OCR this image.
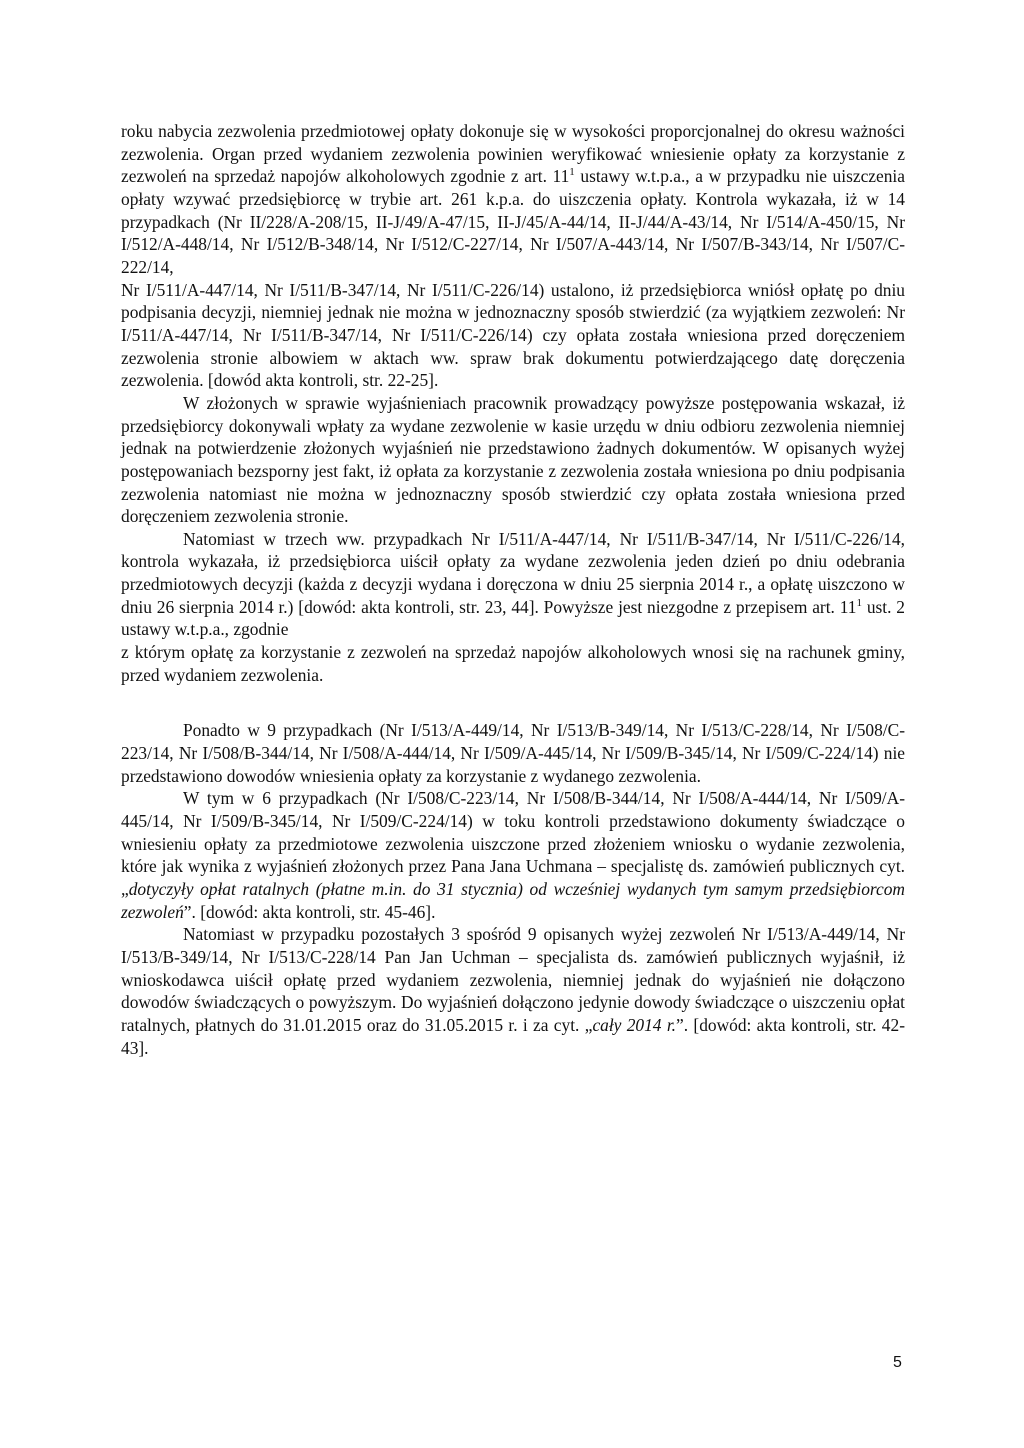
roku nabycia zezwolenia przedmiotowej opłaty dokonuje się w wysokości proporcjonalnej do okresu ważności zezwolenia. Organ przed wydaniem zezwolenia powinien weryfikować wniesienie opłaty za korzystanie z zezwoleń na sprzedaż napojów alkoholowych zgodnie z art. $11^1$ ustawy w.t.p.a., a w przypadku nie uiszczenia opłaty wzywać przedsiębiorcę w trybie art. 261 k.p.a. do uiszczenia opłaty. Kontrola wykazała, iż w 14 przypadkach (Nr II/228/A-208/15, II-J/49/A-47/15, II-J/45/A-44/14, II-J/44/A-43/14, Nr I/514/A-450/15, Nr I/512/A-448/14, Nr I/512/B-348/14, Nr I/512/C-227/14, Nr I/507/A-443/14, Nr I/507/B-343/14, Nr I/507/C-222/14,

Nr I/511/A-447/14, Nr I/511/B-347/14, Nr I/511/C-226/14) ustalono, iż przedsiębiorca wniósł opłatę po dniu podpisania decyzji, niemniej jednak nie można w jednoznaczny sposób stwierdzić (za wyjątkiem zezwoleń: Nr I/511/A-447/14, Nr I/511/B-347/14, Nr I/511/C-226/14) czy opłata została wniesiona przed doręczeniem zezwolenia stronie albowiem w aktach ww. spraw brak dokumentu potwierdzającego datę doręczenia zezwolenia. [dowód akta kontroli, str. 22-25].

W złożonych w sprawie wyjaśnieniach pracownik prowadzący powyższe postępowania wskazał, iż przedsiębiorcy dokonywali wpłaty za wydane zezwolenie w kasie urzędu w dniu odbioru zezwolenia niemniej jednak na potwierdzenie złożonych wyjaśnień nie przedstawiono żadnych dokumentów. W opisanych wyżej postępowaniach bezsporny jest fakt, iż opłata za korzystanie z zezwolenia została wniesiona po dniu podpisania zezwolenia natomiast nie można w jednoznaczny sposób stwierdzić czy opłata została wniesiona przed doręczeniem zezwolenia stronie.

Natomiast w trzech ww. przypadkach Nr I/511/A-447/14, Nr I/511/B-347/14, Nr I/511/C-226/14, kontrola wykazała, iż przedsiębiorca uiścił opłaty za wydane zezwolenia jeden dzień po dniu odebrania przedmiotowych decyzji (każda z decyzji wydana i doręczona w dniu 25 sierpnia 2014 r., a opłatę uiszczono w dniu 26 sierpnia 2014 r.) [dowód: akta kontroli, str. 23, 44]. Powyższe jest niezgodne z przepisem art. $11^1$ ust. 2 ustawy w.t.p.a., zgodnie

z którym opłatę za korzystanie z zezwoleń na sprzedaż napojów alkoholowych wnosi się na rachunek gminy, przed wydaniem zezwolenia.

Ponadto w 9 przypadkach (Nr I/513/A-449/14, Nr I/513/B-349/14, Nr I/513/C-228/14, Nr I/508/C-223/14, Nr I/508/B-344/14, Nr I/508/A-444/14, Nr I/509/A-445/14, Nr I/509/B-345/14, Nr I/509/C-224/14) nie przedstawiono dowodów wniesienia opłaty za korzystanie z wydanego zezwolenia.

W tym w 6 przypadkach (Nr I/508/C-223/14, Nr I/508/B-344/14, Nr I/508/A-444/14, Nr I/509/A-445/14, Nr I/509/B-345/14, Nr I/509/C-224/14) w toku kontroli przedstawiono dokumenty świadczące o wniesieniu opłaty za przedmiotowe zezwolenia uiszczone przed złożeniem wniosku o wydanie zezwolenia, które jak wynika z wyjaśnień złożonych przez Pana Jana Uchmana – specjalistę ds. zamówień publicznych cyt. „dotyczyły opłat ratalnych (płatne m.in. do 31 stycznia) od wcześniej wydanych tym samym przedsiębiorcom zezwoleń”. [dowód: akta kontroli, str. 45-46].

Natomiast w przypadku pozostałych 3 spośród 9 opisanych wyżej zezwoleń Nr I/513/A-449/14, Nr I/513/B-349/14, Nr I/513/C-228/14 Pan Jan Uchman – specjalista ds. zamówień publicznych wyjaśnił, iż wnioskodawca uiścił opłatę przed wydaniem zezwolenia, niemniej jednak do wyjaśnień nie dołączono dowodów świadczących o powyższym. Do wyjaśnień dołączono jedynie dowody świadczące o uiszczeniu opłat ratalnych, płatnych do 31.01.2015 oraz do 31.05.2015 r. i za cyt. „cały 2014 r.”. [dowód: akta kontroli, str. 42-43].

5
